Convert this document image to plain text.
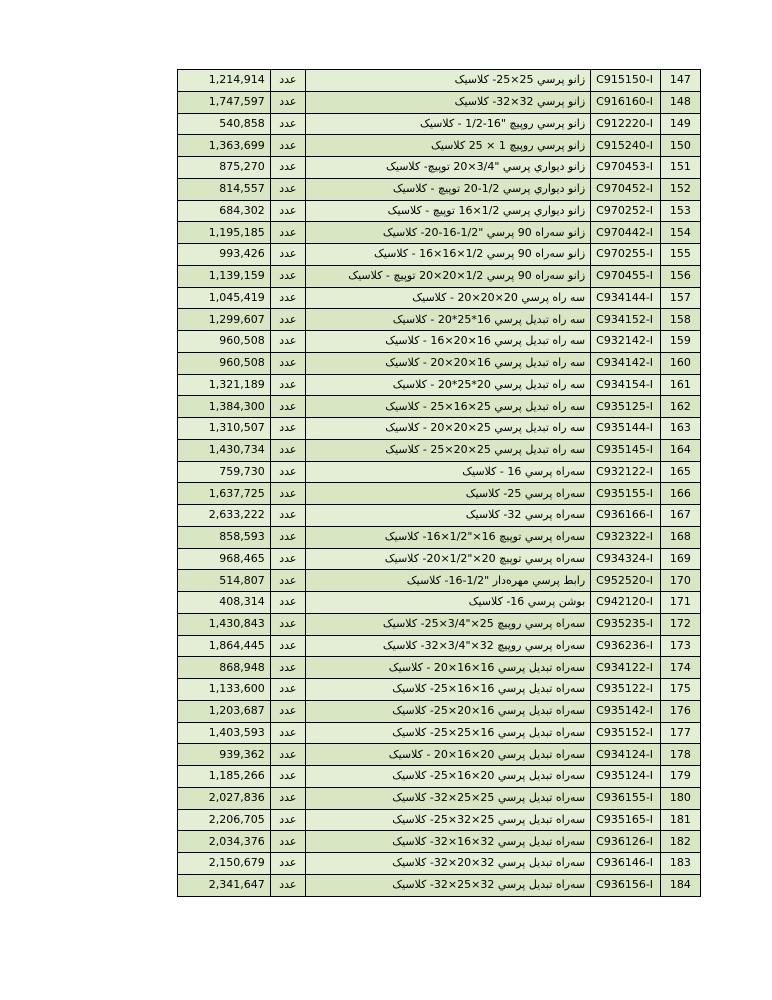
1,214,914	عدد	زانو پرسي 25×25- کلاسیک	C915150-I	147
1,747,597	عدد	زانو پرسي 32×32- کلاسیک	C916160-I	148
540,858	عدد	زانو پرسي روپيچ "16-1/2 - کلاسیک	C912220-I	149
1,363,699	عدد	زانو پرسي روپيچ 1 × 25 کلاسیک	C915240-I	150
875,270	عدد	زانو ديواري پرسي "3/4×20 توپیچ- کلاسیک	C970453-I	151
814,557	عدد	زانو ديواري پرسي 1/2-20 توپیچ - کلاسیک	C970452-I	152
684,302	عدد	زانو ديواري پرسي 1/2×16 توپیچ - کلاسیک	C970252-I	153
1,195,185	عدد	زانو سه‌راه 90 پرسي "1/2-16-20- کلاسیک	C970442-I	154
993,426	عدد	زانو سه‌راه 90 پرسي 1/2×16×16 - کلاسیک	C970255-I	155
1,139,159	عدد	زانو سه‌راه 90 پرسي 1/2×20×20 توپیچ - کلاسیک	C970455-I	156
1,045,419	عدد	سه راه پرسي 20×20×20 - کلاسیک	C934144-I	157
1,299,607	عدد	سه راه تبديل پرسي 16*25*20 - کلاسیک	C934152-I	158
960,508	عدد	سه راه تبديل پرسي 16×20×16 - کلاسیک	C932142-I	159
960,508	عدد	سه راه تبديل پرسي 16×20×20 - کلاسیک	C934142-I	160
1,321,189	عدد	سه راه تبديل پرسي 20*25*20 - کلاسیک	C934154-I	161
1,384,300	عدد	سه راه تبديل پرسي 25×16×25 - کلاسیک	C935125-I	162
1,310,507	عدد	سه راه تبديل پرسي 25×20×20 - کلاسیک	C935144-I	163
1,430,734	عدد	سه راه تبديل پرسي 25×20×25 - کلاسیک	C935145-I	164
759,730	عدد	سه‌راه پرسي 16 - کلاسیک	C932122-I	165
1,637,725	عدد	سه‌راه پرسي 25- کلاسیک	C935155-I	166
2,633,222	عدد	سه‌راه پرسي 32- کلاسیک	C936166-I	167
858,593	عدد	سه‌راه پرسي توپيچ 16×"1/2×16- کلاسیک	C932322-I	168
968,465	عدد	سه‌راه پرسي توپيچ 20×"1/2×20- کلاسیک	C934324-I	169
514,807	عدد	رابط پرسي مهره‌دار "1/2-16- کلاسیک	C952520-I	170
408,314	عدد	بوشن پرسي 16- کلاسیک	C942120-I	171
1,430,843	عدد	سه‌راه پرسي روپيچ 25×"3/4×25- کلاسیک	C935235-I	172
1,864,445	عدد	سه‌راه پرسي روپيچ 32×"3/4×32- کلاسیک	C936236-I	173
868,948	عدد	سه‌راه تبديل پرسي 16×16×20 - کلاسیک	C934122-I	174
1,133,600	عدد	سه‌راه تبديل پرسي 16×16×25- کلاسیک	C935122-I	175
1,203,687	عدد	سه‌راه تبديل پرسي 16×20×25- کلاسیک	C935142-I	176
1,403,593	عدد	سه‌راه تبديل پرسي 16×25×25- کلاسیک	C935152-I	177
939,362	عدد	سه‌راه تبديل پرسي 20×16×20 - کلاسیک	C934124-I	178
1,185,266	عدد	سه‌راه تبديل پرسي 20×16×25- کلاسیک	C935124-I	179
2,027,836	عدد	سه‌راه تبديل پرسي 25×25×32- کلاسیک	C936155-I	180
2,206,705	عدد	سه‌راه تبديل پرسي 25×32×25- کلاسیک	C935165-I	181
2,034,376	عدد	سه‌راه تبديل پرسي 32×16×32- کلاسیک	C936126-I	182
2,150,679	عدد	سه‌راه تبديل پرسي 32×20×32- کلاسیک	C936146-I	183
2,341,647	عدد	سه‌راه تبديل پرسي 32×25×32- کلاسیک	C936156-I	184
